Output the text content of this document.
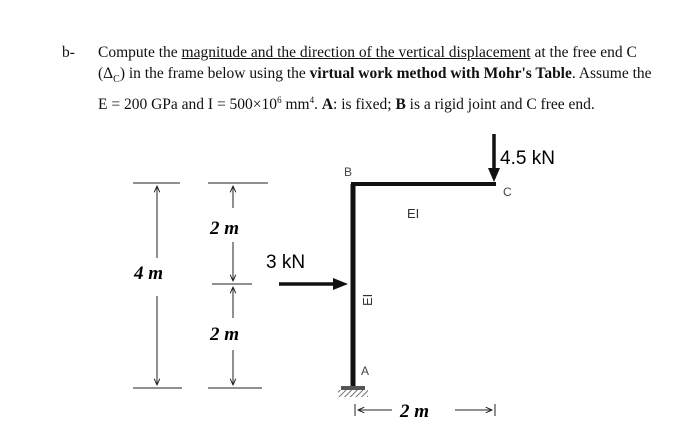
b- Compute the magnitude and the direction of the vertical displacement at the free end C $(\Delta_C)$ in the frame below using the virtual work method with Mohr's Table. Assume the E = 200 GPa and $I = 500\times 10^6$ $mm^4$. A: is fixed; B is a rigid joint and C free end.
4 m
2 m
2 m
B
A
C
EI
EI
4.5 kN
3 kN
2 m
